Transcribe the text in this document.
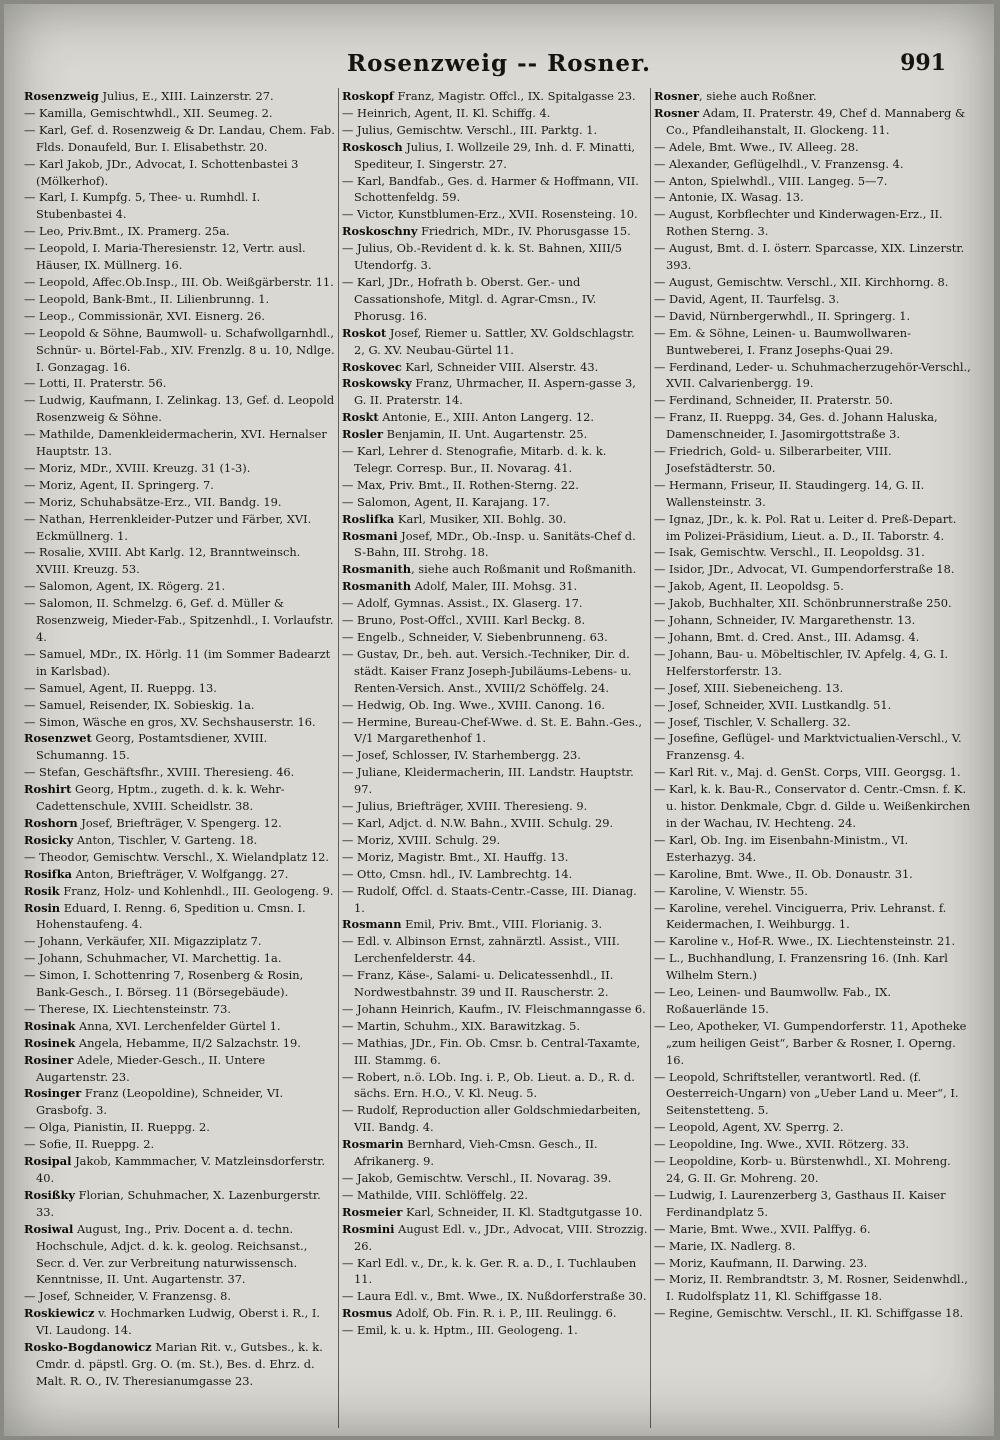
Rosenzweig -- Rosner.	991

Rosenzweig Julius, E., XIII. Lainzerstr. 27.

— Kamilla, Gemischtwhdl., XII. Seumeg. 2.

— Karl, Gef. d. Rosenzweig & Dr. Landau, Chem. Fab. Flds. Donaufeld, Bur. I. Elisabethstr. 20.

— Karl Jakob, JDr., Advocat, I. Schottenbastei 3 (Mölkerhof).

— Karl, I. Kumpfg. 5, Thee- u. Rumhdl. I. Stubenbastei 4.

— Leo, Priv.Bmt., IX. Pramerg. 25a.

— Leopold, I. Maria-Theresienstr. 12, Vertr. ausl. Häuser, IX. Müllnerg. 16.

— Leopold, Affec.Ob.Insp., III. Ob. Weißgärberstr. 11.

— Leopold, Bank-Bmt., II. Lilienbrunng. 1.

— Leop., Commissionär, XVI. Eisnerg. 26.

— Leopold & Söhne, Baumwoll- u. Schafwollgarnhdl., Schnür- u. Börtel-Fab., XIV. Frenzlg. 8 u. 10, Ndlge. I. Gonzagag. 16.

— Lotti, II. Praterstr. 56.

— Ludwig, Kaufmann, I. Zelinkag. 13, Gef. d. Leopold Rosenzweig & Söhne.

— Mathilde, Damenkleidermacherin, XVI. Hernalser Hauptstr. 13.

— Moriz, MDr., XVIII. Kreuzg. 31 (1-3).

— Moriz, Agent, II. Springerg. 7.

— Moriz, Schuhabsätze-Erz., VII. Bandg. 19.

— Nathan, Herrenkleider-Putzer und Färber, XVI. Eckmüllnerg. 1.

— Rosalie, XVIII. Abt Karlg. 12, Branntweinsch. XVIII. Kreuzg. 53.

— Salomon, Agent, IX. Rögerg. 21.

— Salomon, II. Schmelzg. 6, Gef. d. Müller & Rosenzweig, Mieder-Fab., Spitzenhdl., I. Vorlaufstr. 4.

— Samuel, MDr., IX. Hörlg. 11 (im Sommer Badearzt in Karlsbad).

— Samuel, Agent, II. Rueppg. 13.

— Samuel, Reisender, IX. Sobieskig. 1a.

— Simon, Wäsche en gros, XV. Sechshauserstr. 16.

Rosenzwet Georg, Postamtsdiener, XVIII. Schumanng. 15.

— Stefan, Geschäftsfhr., XVIII. Theresieng. 46.

Roshirt Georg, Hptm., zugeth. d. k. k. Wehr-Cadettenschule, XVIII. Scheidlstr. 38.

Roshorn Josef, Briefträger, V. Spengerg. 12.

Rosicky Anton, Tischler, V. Garteng. 18.

— Theodor, Gemischtw. Verschl., X. Wielandplatz 12.

Rosifka Anton, Briefträger, V. Wolfgangg. 27.

Rosik Franz, Holz- und Kohlenhdl., III. Geologeng. 9.

Rosin Eduard, I. Renng. 6, Spedition u. Cmsn. I. Hohenstaufeng. 4.

— Johann, Verkäufer, XII. Migazziplatz 7.

— Johann, Schuhmacher, VI. Marchettig. 1a.

— Simon, I. Schottenring 7, Rosenberg & Rosin, Bank-Gesch., I. Börseg. 11 (Börsegebäude).

— Therese, IX. Liechtensteinstr. 73.

Rosinak Anna, XVI. Lerchenfelder Gürtel 1.

Rosinek Angela, Hebamme, II/2 Salzachstr. 19.

Rosiner Adele, Mieder-Gesch., II. Untere Augartenstr. 23.

Rosinger Franz (Leopoldine), Schneider, VI. Grasbofg. 3.

— Olga, Pianistin, II. Rueppg. 2.

— Sofie, II. Rueppg. 2.

Rosipal Jakob, Kammmacher, V. Matzleinsdorferstr. 40.

Rosißky Florian, Schuhmacher, X. Lazenburgerstr. 33.

Rosiwal August, Ing., Priv. Docent a. d. techn. Hochschule, Adjct. d. k. k. geolog. Reichsanst., Secr. d. Ver. zur Verbreitung naturwissensch. Kenntnisse, II. Unt. Augartenstr. 37.

— Josef, Schneider, V. Franzensg. 8.

Roskiewicz v. Hochmarken Ludwig, Oberst i. R., I. VI. Laudong. 14.

Rosko-Bogdanowicz Marian Rit. v., Gutsbes., k. k. Cmdr. d. päpstl. Grg. O. (m. St.), Bes. d. Ehrz. d. Malt. R. O., IV. Theresianumgasse 23.

Roskopf Franz, Magistr. Offcl., IX. Spitalgasse 23.

— Heinrich, Agent, II. Kl. Schiffg. 4.

— Julius, Gemischtw. Verschl., III. Parktg. 1.

Roskosch Julius, I. Wollzeile 29, Inh. d. F. Minatti, Spediteur, I. Singerstr. 27.

— Karl, Bandfab., Ges. d. Harmer & Hoffmann, VII. Schottenfeldg. 59.

— Victor, Kunstblumen-Erz., XVII. Rosensteing. 10.

Roskoschny Friedrich, MDr., IV. Phorusgasse 15.

— Julius, Ob.-Revident d. k. k. St. Bahnen, XIII/5 Utendorfg. 3.

— Karl, JDr., Hofrath b. Oberst. Ger.- und Cassationshofe, Mitgl. d. Agrar-Cmsn., IV. Phorusg. 16.

Roskot Josef, Riemer u. Sattler, XV. Goldschlagstr. 2, G. XV. Neubau-Gürtel 11.

Roskovec Karl, Schneider VIII. Alserstr. 43.

Roskowsky Franz, Uhrmacher, II. Aspern-gasse 3, G. II. Praterstr. 14.

Roskt Antonie, E., XIII. Anton Langerg. 12.

Rosler Benjamin, II. Unt. Augartenstr. 25.

— Karl, Lehrer d. Stenografie, Mitarb. d. k. k. Telegr. Corresp. Bur., II. Novarag. 41.

— Max, Priv. Bmt., II. Rothen-Sterng. 22.

— Salomon, Agent, II. Karajang. 17.

Roslifka Karl, Musiker, XII. Bohlg. 30.

Rosmani Josef, MDr., Ob.-Insp. u. Sanitäts-Chef d. S-Bahn, III. Strohg. 18.

Rosmanith, siehe auch Roßmanit und Roßmanith.

Rosmanith Adolf, Maler, III. Mohsg. 31.

— Adolf, Gymnas. Assist., IX. Glaserg. 17.

— Bruno, Post-Offcl., XVIII. Karl Beckg. 8.

— Engelb., Schneider, V. Siebenbrunneng. 63.

— Gustav, Dr., beh. aut. Versich.-Techniker, Dir. d. städt. Kaiser Franz Joseph-Jubiläums-Lebens- u. Renten-Versich. Anst., XVIII/2 Schöffelg. 24.

— Hedwig, Ob. Ing. Wwe., XVIII. Canong. 16.

— Hermine, Bureau-Chef-Wwe. d. St. E. Bahn.-Ges., V/1 Margarethenhof 1.

— Josef, Schlosser, IV. Starhembergg. 23.

— Juliane, Kleidermacherin, III. Landstr. Hauptstr. 97.

— Julius, Briefträger, XVIII. Theresieng. 9.

— Karl, Adjct. d. N.W. Bahn., XVIII. Schulg. 29.

— Moriz, XVIII. Schulg. 29.

— Moriz, Magistr. Bmt., XI. Hauffg. 13.

— Otto, Cmsn. hdl., IV. Lambrechtg. 14.

— Rudolf, Offcl. d. Staats-Centr.-Casse, III. Dianag. 1.

Rosmann Emil, Priv. Bmt., VIII. Florianig. 3.

— Edl. v. Albinson Ernst, zahnärztl. Assist., VIII. Lerchenfelderstr. 44.

— Franz, Käse-, Salami- u. Delicatessenhdl., II. Nordwestbahnstr. 39 und II. Rauscherstr. 2.

— Johann Heinrich, Kaufm., IV. Fleischmanngasse 6.

— Martin, Schuhm., XIX. Barawitzkag. 5.

— Mathias, JDr., Fin. Ob. Cmsr. b. Central-Taxamte, III. Stammg. 6.

— Robert, n.ö. LOb. Ing. i. P., Ob. Lieut. a. D., R. d. sächs. Ern. H.O., V. Kl. Neug. 5.

— Rudolf, Reproduction aller Goldschmiedarbeiten, VII. Bandg. 4.

Rosmarin Bernhard, Vieh-Cmsn. Gesch., II. Afrikanerg. 9.

— Jakob, Gemischtw. Verschl., II. Novarag. 39.

— Mathilde, VIII. Schlöffelg. 22.

Rosmeier Karl, Schneider, II. Kl. Stadtgutgasse 10.

Rosmini August Edl. v., JDr., Advocat, VIII. Strozzig. 26.

— Karl Edl. v., Dr., k. k. Ger. R. a. D., I. Tuchlauben 11.

— Laura Edl. v., Bmt. Wwe., IX. Nußdorferstraße 30.

Rosmus Adolf, Ob. Fin. R. i. P., III. Reulingg. 6.

— Emil, k. u. k. Hptm., III. Geologeng. 1.

Rosner, siehe auch Roßner.

Rosner Adam, II. Praterstr. 49, Chef d. Mannaberg & Co., Pfandleihanstalt, II. Glockeng. 11.

— Adele, Bmt. Wwe., IV. Alleeg. 28.

— Alexander, Geflügelhdl., V. Franzensg. 4.

— Anton, Spielwhdl., VIII. Langeg. 5—7.

— Antonie, IX. Wasag. 13.

— August, Korbflechter und Kinderwagen-Erz., II. Rothen Sterng. 3.

— August, Bmt. d. I. österr. Sparcasse, XIX. Linzerstr. 393.

— August, Gemischtw. Verschl., XII. Kirchhorng. 8.

— David, Agent, II. Taurfelsg. 3.

— David, Nürnbergerwhdl., II. Springerg. 1.

— Em. & Söhne, Leinen- u. Baumwollwaren-Buntweberei, I. Franz Josephs-Quai 29.

— Ferdinand, Leder- u. Schuhmacherzugehör-Verschl., XVII. Calvarienbergg. 19.

— Ferdinand, Schneider, II. Praterstr. 50.

— Franz, II. Rueppg. 34, Ges. d. Johann Haluska, Damenschneider, I. Jasomirgottstraße 3.

— Friedrich, Gold- u. Silberarbeiter, VIII. Josefstädterstr. 50.

— Hermann, Friseur, II. Staudingerg. 14, G. II. Wallensteinstr. 3.

— Ignaz, JDr., k. k. Pol. Rat u. Leiter d. Preß-Depart. im Polizei-Präsidium, Lieut. a. D., II. Taborstr. 4.

— Isak, Gemischtw. Verschl., II. Leopoldsg. 31.

— Isidor, JDr., Advocat, VI. Gumpendorferstraße 18.

— Jakob, Agent, II. Leopoldsg. 5.

— Jakob, Buchhalter, XII. Schönbrunnerstraße 250.

— Johann, Schneider, IV. Margarethenstr. 13.

— Johann, Bmt. d. Cred. Anst., III. Adamsg. 4.

— Johann, Bau- u. Möbeltischler, IV. Apfelg. 4, G. I. Helferstorferstr. 13.

— Josef, XIII. Siebeneicheng. 13.

— Josef, Schneider, XVII. Lustkandlg. 51.

— Josef, Tischler, V. Schallerg. 32.

— Josefine, Geflügel- und Marktvictualien-Verschl., V. Franzensg. 4.

— Karl Rit. v., Maj. d. GenSt. Corps, VIII. Georgsg. 1.

— Karl, k. k. Bau-R., Conservator d. Centr.-Cmsn. f. K. u. histor. Denkmale, Cbgr. d. Gilde u. Weißenkirchen in der Wachau, IV. Hechteng. 24.

— Karl, Ob. Ing. im Eisenbahn-Ministm., VI. Esterhazyg. 34.

— Karoline, Bmt. Wwe., II. Ob. Donaustr. 31.

— Karoline, V. Wienstr. 55.

— Karoline, verehel. Vinciguerra, Priv. Lehranst. f. Keidermachen, I. Weihburgg. 1.

— Karoline v., Hof-R. Wwe., IX. Liechtensteinstr. 21.

— L., Buchhandlung, I. Franzensring 16. (Inh. Karl Wilhelm Stern.)

— Leo, Leinen- und Baumwollw. Fab., IX. Roßauerlände 15.

— Leo, Apotheker, VI. Gumpendorferstr. 11, Apotheke „zum heiligen Geist“, Barber & Rosner, I. Operng. 16.

— Leopold, Schriftsteller, verantwortl. Red. (f. Oesterreich-Ungarn) von „Ueber Land u. Meer“, I. Seitenstetteng. 5.

— Leopold, Agent, XV. Sperrg. 2.

— Leopoldine, Ing. Wwe., XVII. Rötzerg. 33.

— Leopoldine, Korb- u. Bürstenwhdl., XI. Mohreng. 24, G. II. Gr. Mohreng. 20.

— Ludwig, I. Laurenzerberg 3, Gasthaus II. Kaiser Ferdinandplatz 5.

— Marie, Bmt. Wwe., XVII. Palffyg. 6.

— Marie, IX. Nadlerg. 8.

— Moriz, Kaufmann, II. Darwing. 23.

— Moriz, II. Rembrandtstr. 3, M. Rosner, Seidenwhdl., I. Rudolfsplatz 11, Kl. Schiffgasse 18.

— Regine, Gemischtw. Verschl., II. Kl. Schiffgasse 18.
